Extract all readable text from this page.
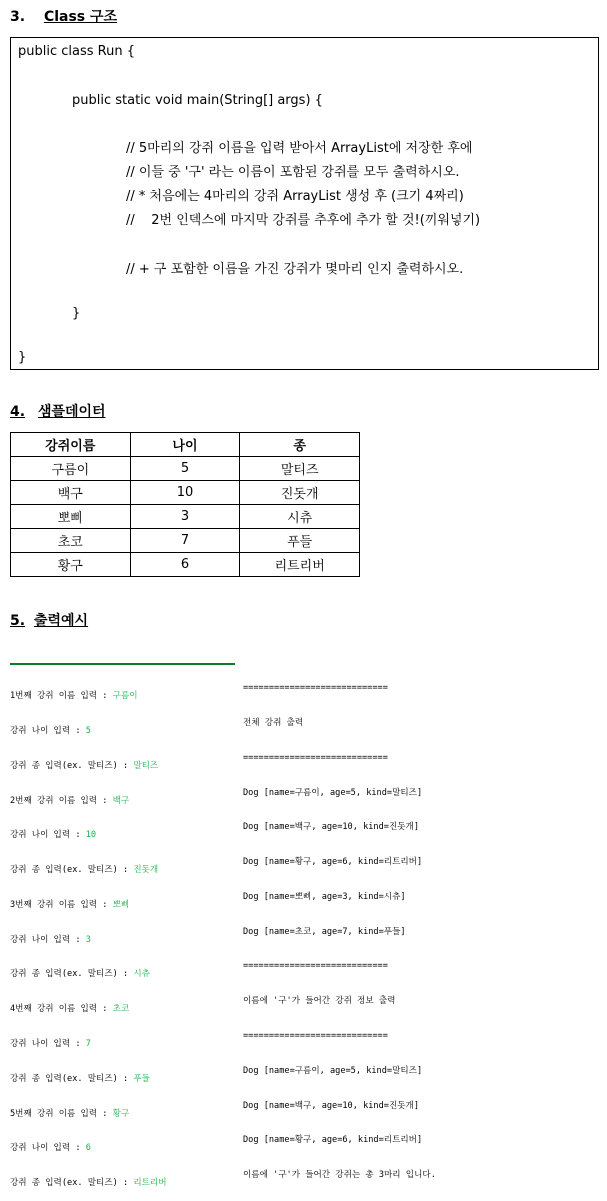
3. Class 구조
public class Run {
public static void main(String[] args) {
// 5마리의 강쥐 이름을 입력 받아서 ArrayList에 저장한 후에
// 이들 중 '구' 라는 이름이 포함된 강쥐를 모두 출력하시오.
// * 처음에는 4마리의 강쥐 ArrayList 생성 후 (크기 4짜리)
//    2번 인덱스에 마지막 강쥐를 추후에 추가 할 것!(끼워넣기)
// + 구 포함한 이름을 가진 강쥐가 몇마리 인지 출력하시오.
}
}
4. 샘플데이터
강쥐이름	나이	종
구름이	5	말티즈
백구	10	진돗개
뽀삐	3	시츄
초코	7	푸들
황구	6	리트리버
5. 출력예시

1번째 강쥐 이름 입력 : 구름이

강쥐 나이 입력 : 5

강쥐 종 입력(ex. 말티즈) : 말티즈

2번째 강쥐 이름 입력 : 백구

강쥐 나이 입력 : 10

강쥐 종 입력(ex. 말티즈) : 진돗개

3번째 강쥐 이름 입력 : 뽀삐

강쥐 나이 입력 : 3

강쥐 종 입력(ex. 말티즈) : 시츄

4번째 강쥐 이름 입력 : 초코

강쥐 나이 입력 : 7

강쥐 종 입력(ex. 말티즈) : 푸들

5번째 강쥐 이름 입력 : 황구

강쥐 나이 입력 : 6

강쥐 종 입력(ex. 말티즈) : 리트리버

============================

전체 강쥐 출력

============================

Dog [name=구름이, age=5, kind=말티즈]

Dog [name=백구, age=10, kind=진돗개]

Dog [name=황구, age=6, kind=리트리버]

Dog [name=뽀삐, age=3, kind=시츄]

Dog [name=초코, age=7, kind=푸들]

============================

이름에 '구'가 들어간 강쥐 정보 출력

============================

Dog [name=구름이, age=5, kind=말티즈]

Dog [name=백구, age=10, kind=진돗개]

Dog [name=황구, age=6, kind=리트리버]

이름에 '구'가 들어간 강쥐는 총 3마리 입니다.
